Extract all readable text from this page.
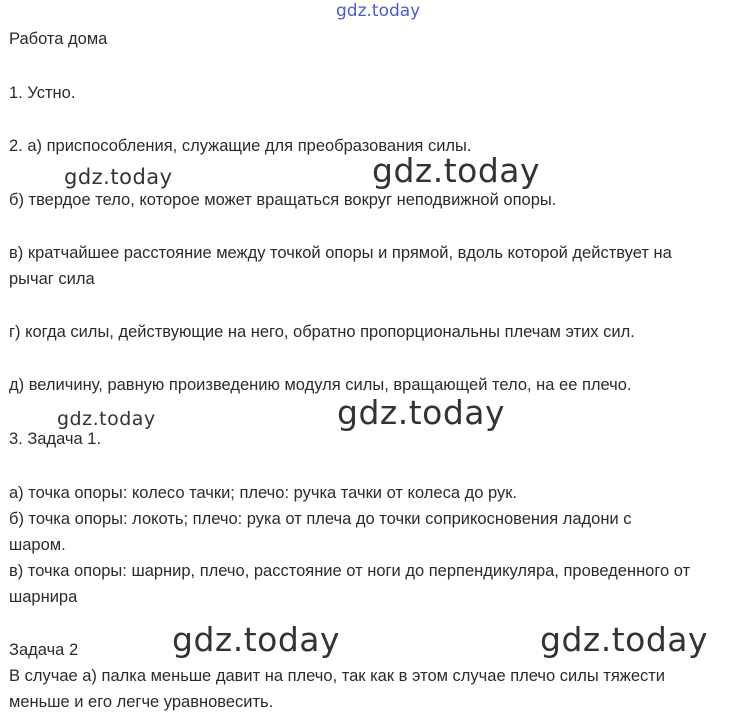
gdz.today
Работа дома
1. Устно.
2. а) приспособления, служащие для преобразования силы.
gdz.today	gdz.today
б) твердое тело, которое может вращаться вокруг неподвижной опоры.
в) кратчайшее расстояние между точкой опоры и прямой, вдоль которой действует на
рычаг сила
г) когда силы, действующие на него, обратно пропорциональны плечам этих сил.
д) величину, равную произведению модуля силы, вращающей тело, на ее плечо.
gdz.today	gdz.today
3. Задача 1.
а) точка опоры: колесо тачки; плечо: ручка тачки от колеса до рук.
б) точка опоры: локоть; плечо: рука от плеча до точки соприкосновения ладони с
шаром.
в) точка опоры: шарнир, плечо, расстояние от ноги до перпендикуляра, проведенного от
шарнира
Задача 2	gdz.today	gdz.today
В случае а) палка меньше давит на плечо, так как в этом случае плечо силы тяжести
меньше и его легче уравновесить.
